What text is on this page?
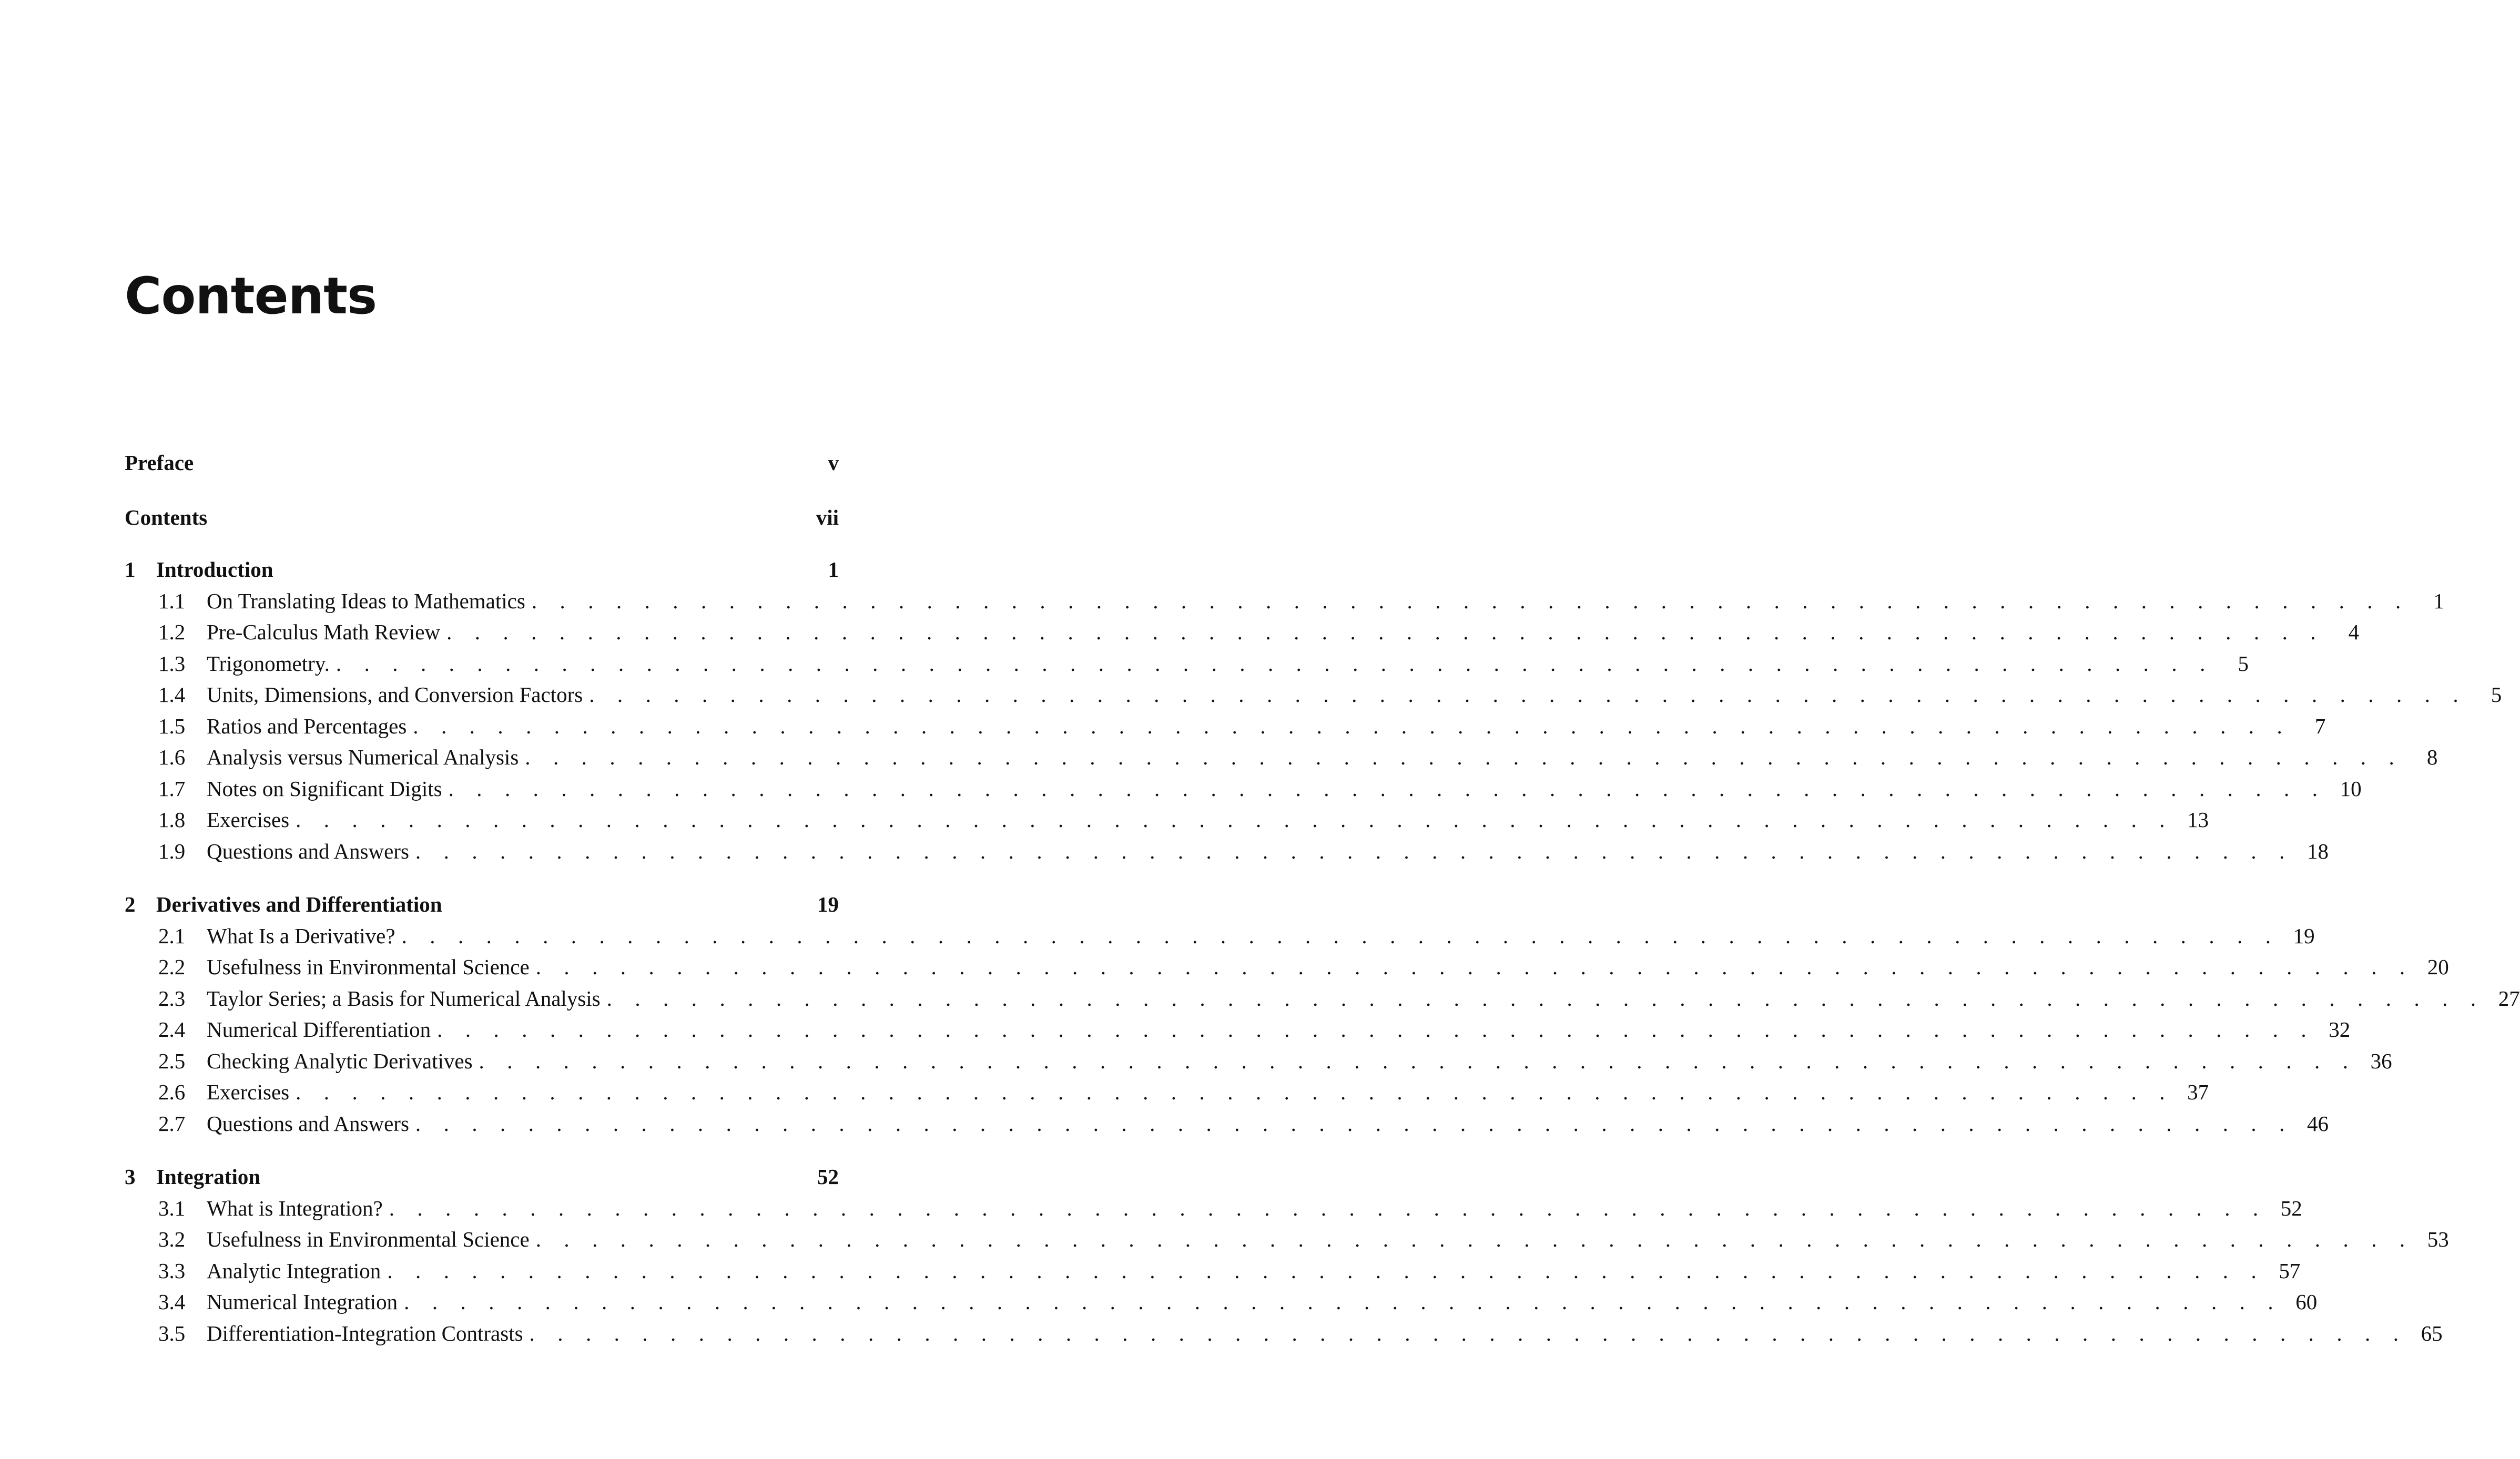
Contents
Preface	v
Contents	vii
1 Introduction	1
1.1 On Translating Ideas to Mathematics . . . . . . . . . . . . . . . . . . . . . . . . . . . . . . . . . . . . . . . . . . . . . . . . . . . . . . . . . . . . . . . . . . .	1
1.2 Pre-Calculus Math Review . . . . . . . . . . . . . . . . . . . . . . . . . . . . . . . . . . . . . . . . . . . . . . . . . . . . . . . . . . . . . . . . . . .	4
1.3 Trigonometry. . . . . . . . . . . . . . . . . . . . . . . . . . . . . . . . . . . . . . . . . . . . . . . . . . . . . . . . . . . . . . . . . . . .	5
1.4 Units, Dimensions, and Conversion Factors . . . . . . . . . . . . . . . . . . . . . . . . . . . . . . . . . . . . . . . . . . . . . . . . . . . . . . . . . . . . . . . . . . .	5
1.5 Ratios and Percentages . . . . . . . . . . . . . . . . . . . . . . . . . . . . . . . . . . . . . . . . . . . . . . . . . . . . . . . . . . . . . . . . . . .	7
1.6 Analysis versus Numerical Analysis . . . . . . . . . . . . . . . . . . . . . . . . . . . . . . . . . . . . . . . . . . . . . . . . . . . . . . . . . . . . . . . . . . .	8
1.7 Notes on Significant Digits . . . . . . . . . . . . . . . . . . . . . . . . . . . . . . . . . . . . . . . . . . . . . . . . . . . . . . . . . . . . . . . . . . . 10
1.8 Exercises . . . . . . . . . . . . . . . . . . . . . . . . . . . . . . . . . . . . . . . . . . . . . . . . . . . . . . . . . . . . . . . . . . . 13
1.9 Questions and Answers . . . . . . . . . . . . . . . . . . . . . . . . . . . . . . . . . . . . . . . . . . . . . . . . . . . . . . . . . . . . . . . . . . . 18
2 Derivatives and Differentiation	19
2.1 What Is a Derivative? . . . . . . . . . . . . . . . . . . . . . . . . . . . . . . . . . . . . . . . . . . . . . . . . . . . . . . . . . . . . . . . . . . . 19
2.2 Usefulness in Environmental Science . . . . . . . . . . . . . . . . . . . . . . . . . . . . . . . . . . . . . . . . . . . . . . . . . . . . . . . . . . . . . . . . . . . 20
2.3 Taylor Series; a Basis for Numerical Analysis . . . . . . . . . . . . . . . . . . . . . . . . . . . . . . . . . . . . . . . . . . . . . . . . . . . . . . . . . . . . . . . . . . . 27
2.4 Numerical Differentiation . . . . . . . . . . . . . . . . . . . . . . . . . . . . . . . . . . . . . . . . . . . . . . . . . . . . . . . . . . . . . . . . . . . 32
2.5 Checking Analytic Derivatives . . . . . . . . . . . . . . . . . . . . . . . . . . . . . . . . . . . . . . . . . . . . . . . . . . . . . . . . . . . . . . . . . . . 36
2.6 Exercises . . . . . . . . . . . . . . . . . . . . . . . . . . . . . . . . . . . . . . . . . . . . . . . . . . . . . . . . . . . . . . . . . . . 37
2.7 Questions and Answers . . . . . . . . . . . . . . . . . . . . . . . . . . . . . . . . . . . . . . . . . . . . . . . . . . . . . . . . . . . . . . . . . . . 46
3 Integration	52
3.1 What is Integration? . . . . . . . . . . . . . . . . . . . . . . . . . . . . . . . . . . . . . . . . . . . . . . . . . . . . . . . . . . . . . . . . . . . 52
3.2 Usefulness in Environmental Science . . . . . . . . . . . . . . . . . . . . . . . . . . . . . . . . . . . . . . . . . . . . . . . . . . . . . . . . . . . . . . . . . . . 53
3.3 Analytic Integration . . . . . . . . . . . . . . . . . . . . . . . . . . . . . . . . . . . . . . . . . . . . . . . . . . . . . . . . . . . . . . . . . . . 57
3.4 Numerical Integration . . . . . . . . . . . . . . . . . . . . . . . . . . . . . . . . . . . . . . . . . . . . . . . . . . . . . . . . . . . . . . . . . . . 60
3.5 Differentiation-Integration Contrasts . . . . . . . . . . . . . . . . . . . . . . . . . . . . . . . . . . . . . . . . . . . . . . . . . . . . . . . . . . . . . . . . . . . 65
